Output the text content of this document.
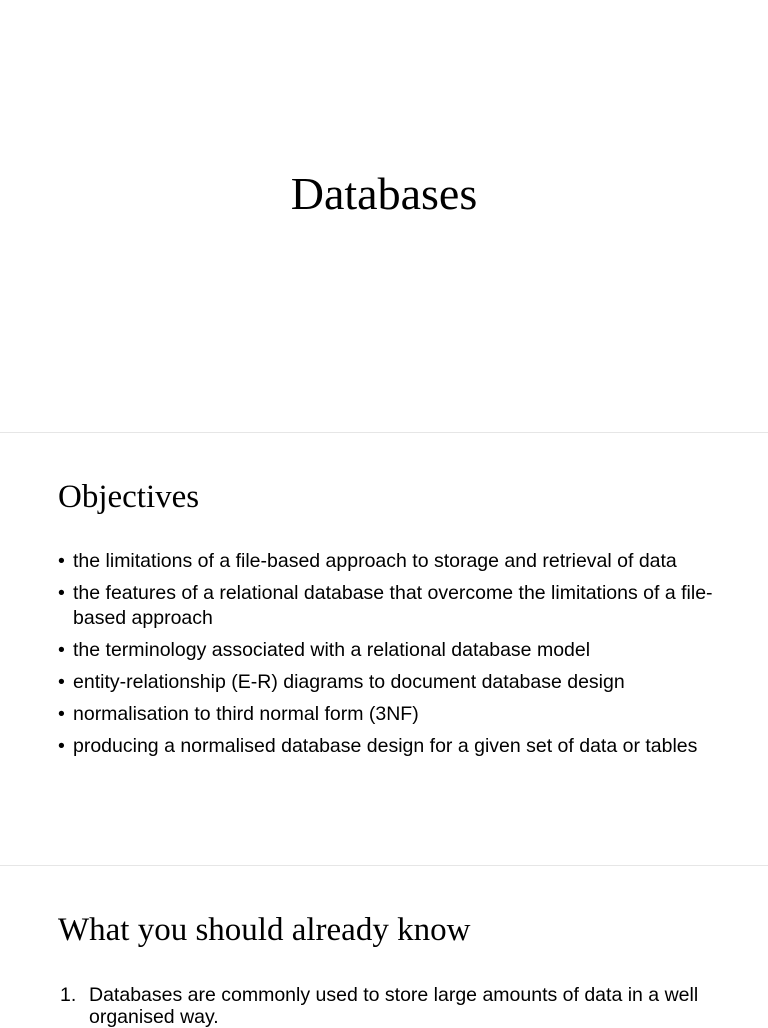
Databases
Objectives
• the limitations of a file-based approach to storage and retrieval of data
• the features of a relational database that overcome the limitations of a file-based approach
• the terminology associated with a relational database model
• entity-relationship (E-R) diagrams to document database design
• normalisation to third normal form (3NF)
• producing a normalised database design for a given set of data or tables
What you should already know
1. Databases are commonly used to store large amounts of data in a well organised way.
